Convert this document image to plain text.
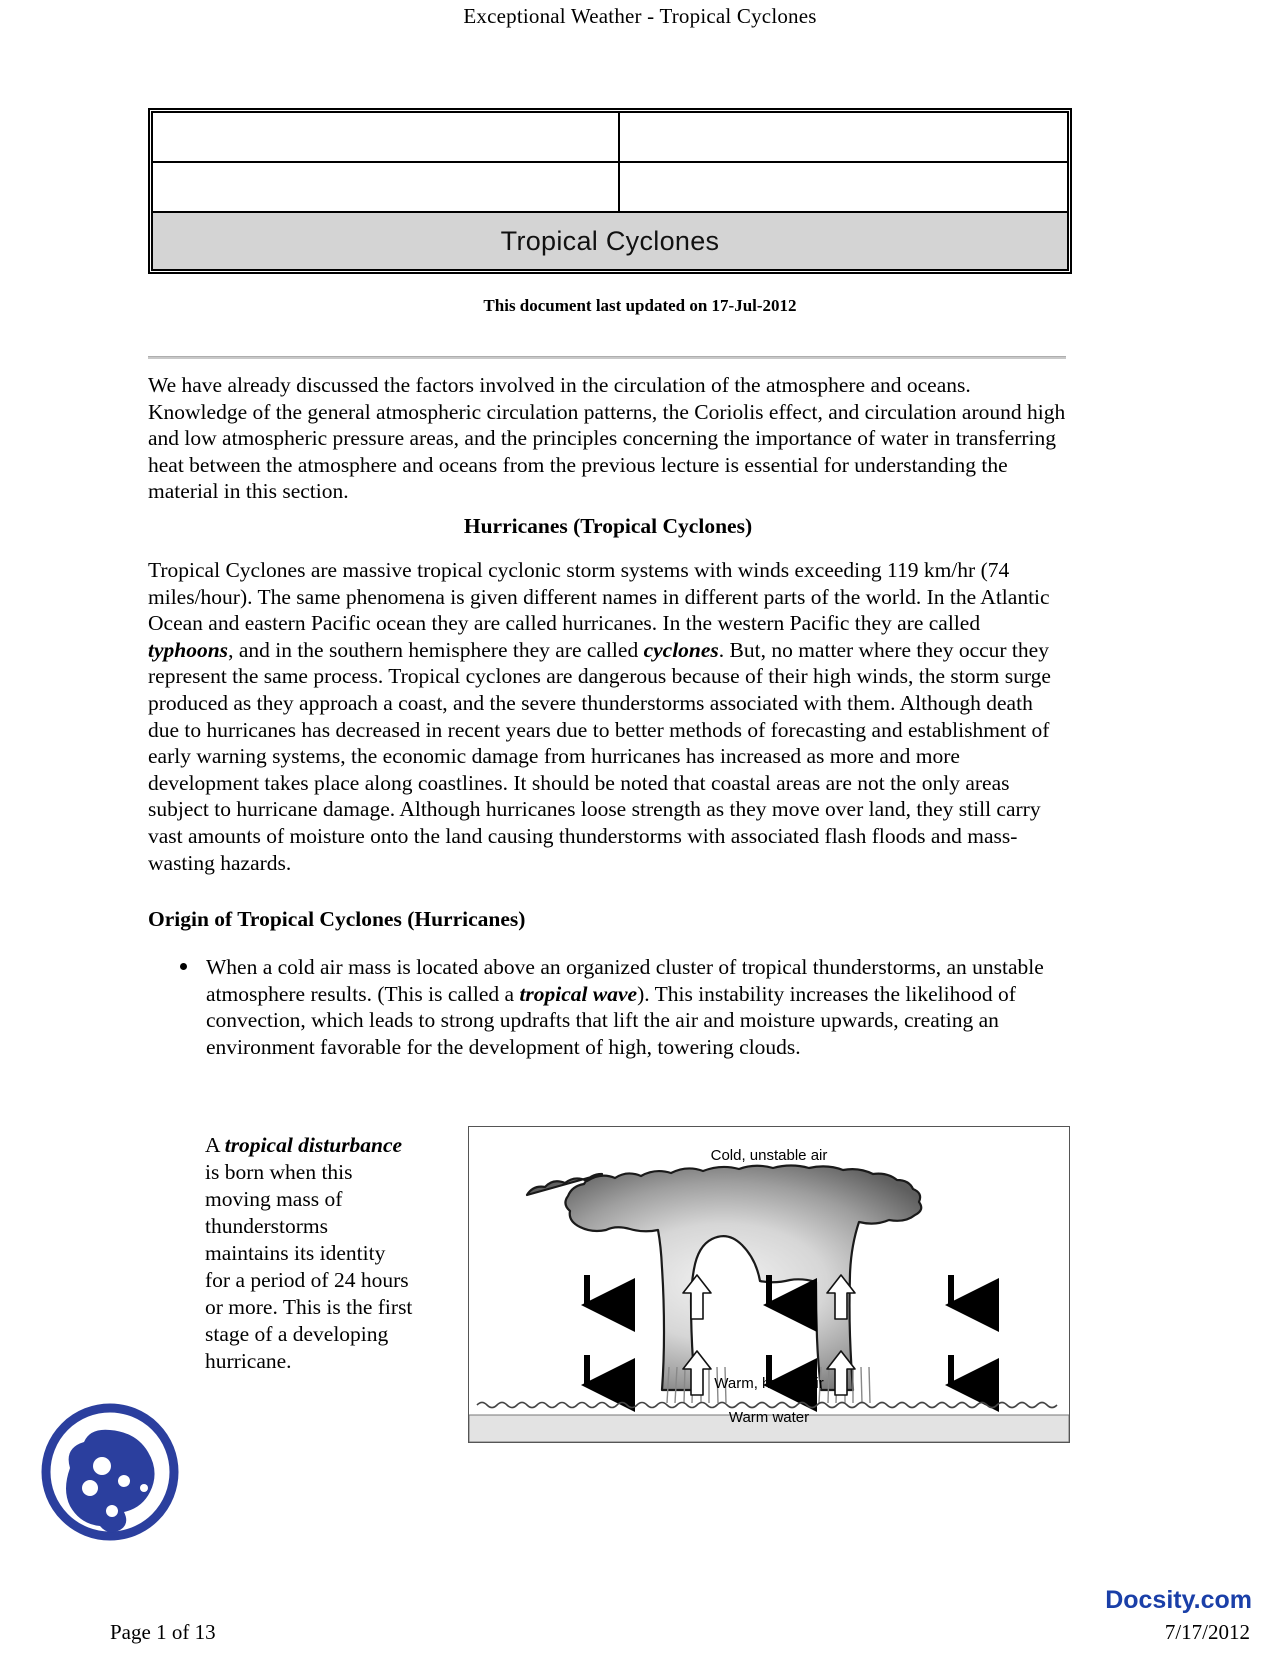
Exceptional Weather - Tropical Cyclones

Tropical Cyclones	
This document last updated on 17-Jul-2012

We have already discussed the factors involved in the circulation of the atmosphere and oceans. Knowledge of the general atmospheric circulation patterns, the Coriolis effect, and circulation around high and low atmospheric pressure areas, and the principles concerning the importance of water in transferring heat between the atmosphere and oceans from the previous lecture is essential for understanding the material in this section.

Hurricanes (Tropical Cyclones)

Tropical Cyclones are massive tropical cyclonic storm systems with winds exceeding 119 km/hr (74 miles/hour). The same phenomena is given different names in different parts of the world. In the Atlantic Ocean and eastern Pacific ocean they are called hurricanes. In the western Pacific they are called typhoons, and in the southern hemisphere they are called cyclones. But, no matter where they occur they represent the same process. Tropical cyclones are dangerous because of their high winds, the storm surge produced as they approach a coast, and the severe thunderstorms associated with them. Although death due to hurricanes has decreased in recent years due to better methods of forecasting and establishment of early warning systems, the economic damage from hurricanes has increased as more and more development takes place along coastlines. It should be noted that coastal areas are not the only areas subject to hurricane damage. Although hurricanes loose strength as they move over land, they still carry vast amounts of moisture onto the land causing thunderstorms with associated flash floods and mass-wasting hazards.

Origin of Tropical Cyclones (Hurricanes)
When a cold air mass is located above an organized cluster of tropical thunderstorms, an unstable atmosphere results. (This is called a tropical wave). This instability increases the likelihood of convection, which leads to strong updrafts that lift the air and moisture upwards, creating an environment favorable for the development of high, towering clouds.
A tropical disturbance is born when this moving mass of thunderstorms maintains its identity for a period of 24 hours or more. This is the first stage of a developing hurricane.
Cold, unstable air
Warm, humid air
Warm water
Docsity.com
Page 1 of 13	7/17/2012
